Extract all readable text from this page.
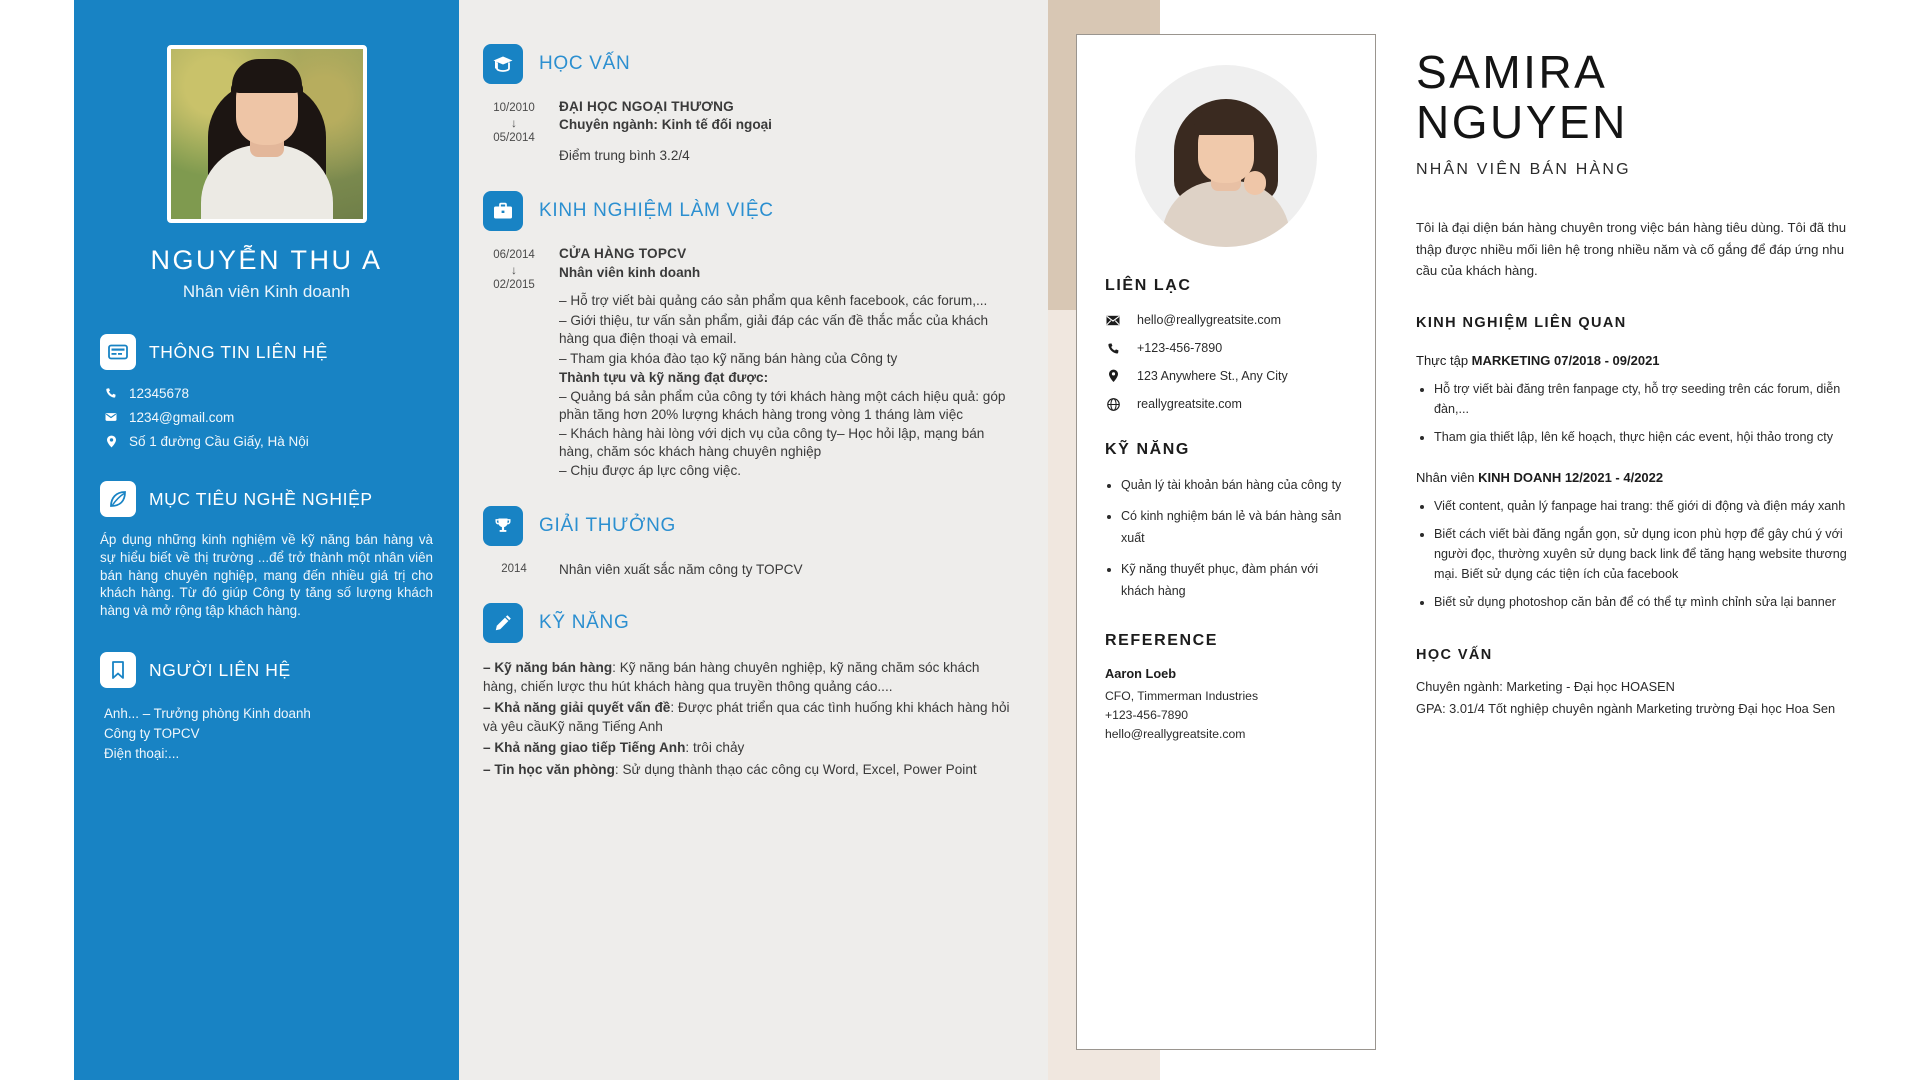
NGUYỄN THU A
Nhân viên Kinh doanh
THÔNG TIN LIÊN HỆ
12345678
1234@gmail.com
Số 1 đường Cầu Giấy, Hà Nội
MỤC TIÊU NGHỀ NGHIỆP
Áp dụng những kinh nghiệm về kỹ năng bán hàng và sự hiểu biết về thị trường ...để trở thành một nhân viên bán hàng chuyên nghiệp, mang đến nhiều giá trị cho khách hàng. Từ đó giúp Công ty tăng số lượng khách hàng và mở rộng tập khách hàng.
NGƯỜI LIÊN HỆ
Anh... – Trưởng phòng Kinh doanh
Công ty TOPCV
Điện thoại:...
HỌC VẤN
10/2010
↓
05/2014
ĐẠI HỌC NGOẠI THƯƠNG
Chuyên ngành: Kinh tế đối ngoại
Điểm trung bình 3.2/4
KINH NGHIỆM LÀM VIỆC
06/2014
↓
02/2015
CỬA HÀNG TOPCV
Nhân viên kinh doanh
– Hỗ trợ viết bài quảng cáo sản phẩm qua kênh facebook, các forum,...
– Giới thiệu, tư vấn sản phẩm, giải đáp các vấn đề thắc mắc của khách hàng qua điện thoại và email.
– Tham gia khóa đào tạo kỹ năng bán hàng của Công ty
Thành tựu và kỹ năng đạt được:
– Quảng bá sản phẩm của công ty tới khách hàng một cách hiệu quả: góp phần tăng hơn 20% lượng khách hàng trong vòng 1 tháng làm việc
– Khách hàng hài lòng với dịch vụ của công ty– Học hỏi lập, mạng bán hàng, chăm sóc khách hàng chuyên nghiệp
– Chịu được áp lực công việc.
GIẢI THƯỞNG
2014	Nhân viên xuất sắc năm công ty TOPCV
KỸ NĂNG
– Kỹ năng bán hàng: Kỹ năng bán hàng chuyên nghiệp, kỹ năng chăm sóc khách hàng, chiến lược thu hút khách hàng qua truyền thông quảng cáo....
– Khả năng giải quyết vấn đề: Được phát triển qua các tình huống khi khách hàng hỏi và yêu cầuKỹ năng Tiếng Anh
– Khả năng giao tiếp Tiếng Anh: trôi chảy
– Tin học văn phòng: Sử dụng thành thạo các công cụ Word, Excel, Power Point
LIÊN LẠC
hello@reallygreatsite.com
+123-456-7890
123 Anywhere St., Any City
reallygreatsite.com
KỸ NĂNG
• Quản lý tài khoản bán hàng của công ty
• Có kinh nghiệm bán lẻ và bán hàng sản xuất
• Kỹ năng thuyết phục, đàm phán với khách hàng
REFERENCE
Aaron Loeb
CFO, Timmerman Industries
+123-456-7890
hello@reallygreatsite.com
SAMIRA
NGUYEN
NHÂN VIÊN BÁN HÀNG
Tôi là đại diện bán hàng chuyên trong việc bán hàng tiêu dùng. Tôi đã thu thập được nhiều mối liên hệ trong nhiều năm và cố gắng để đáp ứng nhu cầu của khách hàng.
KINH NGHIỆM LIÊN QUAN
Thực tập MARKETING 07/2018 - 09/2021
• Hỗ trợ viết bài đăng trên fanpage cty, hỗ trợ seeding trên các forum, diễn đàn,...
• Tham gia thiết lập, lên kế hoạch, thực hiện các event, hội thảo trong cty
Nhân viên KINH DOANH 12/2021 - 4/2022
• Viết content, quản lý fanpage hai trang: thế giới di động và điện máy xanh
• Biết cách viết bài đăng ngắn gọn, sử dụng icon phù hợp để gây chú ý với người đọc, thường xuyên sử dụng back link để tăng hạng website thương mại. Biết sử dụng các tiện ích của facebook
• Biết sử dụng photoshop căn bản để có thể tự mình chỉnh sửa lại banner
HỌC VẤN
Chuyên ngành: Marketing - Đại học HOASEN
GPA: 3.01/4 Tốt nghiệp chuyên ngành Marketing trường Đại học Hoa Sen
